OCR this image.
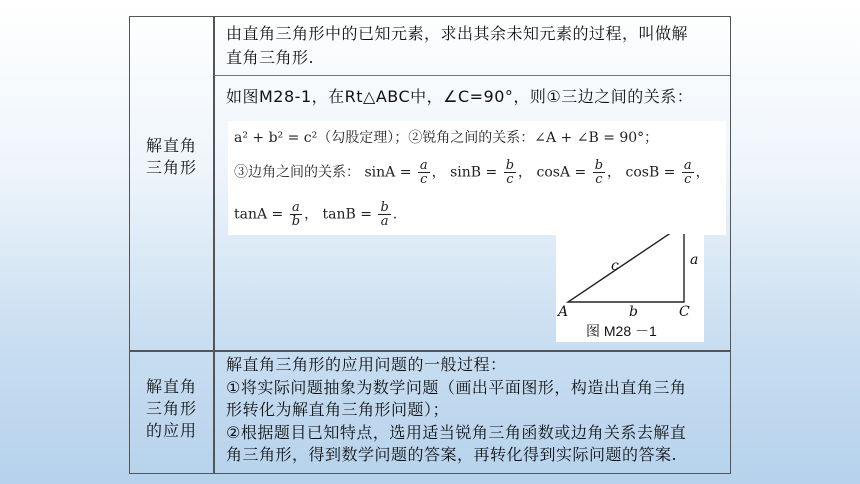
解直角
三角形
由直角三角形中的已知元素，求出其余未知元素的过程，叫做解
直角三角形.
如图M28-1，在Rt△ABC中，∠C=90°，则①三边之间的关系：
a² + b² = c²（勾股定理）；②锐角之间的关系：∠A + ∠B = 90°；
③边角之间的关系： $\sin A = \frac{a}{c}$ ， $\sin B = \frac{b}{c}$ ， $\cos A = \frac{b}{c}$ ， $\cos B = \frac{a}{c}$ ，
$\tan A = \frac{a}{b}$ ， $\tan B = \frac{b}{a}$ .
A	C
b
a
c
图 M28 －1
解直角
三角形
的应用
解直角三角形的应用问题的一般过程：
①将实际问题抽象为数学问题（画出平面图形，构造出直角三角
形转化为解直角三角形问题）；
②根据题目已知特点，选用适当锐角三角函数或边角关系去解直
角三角形，得到数学问题的答案，再转化得到实际问题的答案.
